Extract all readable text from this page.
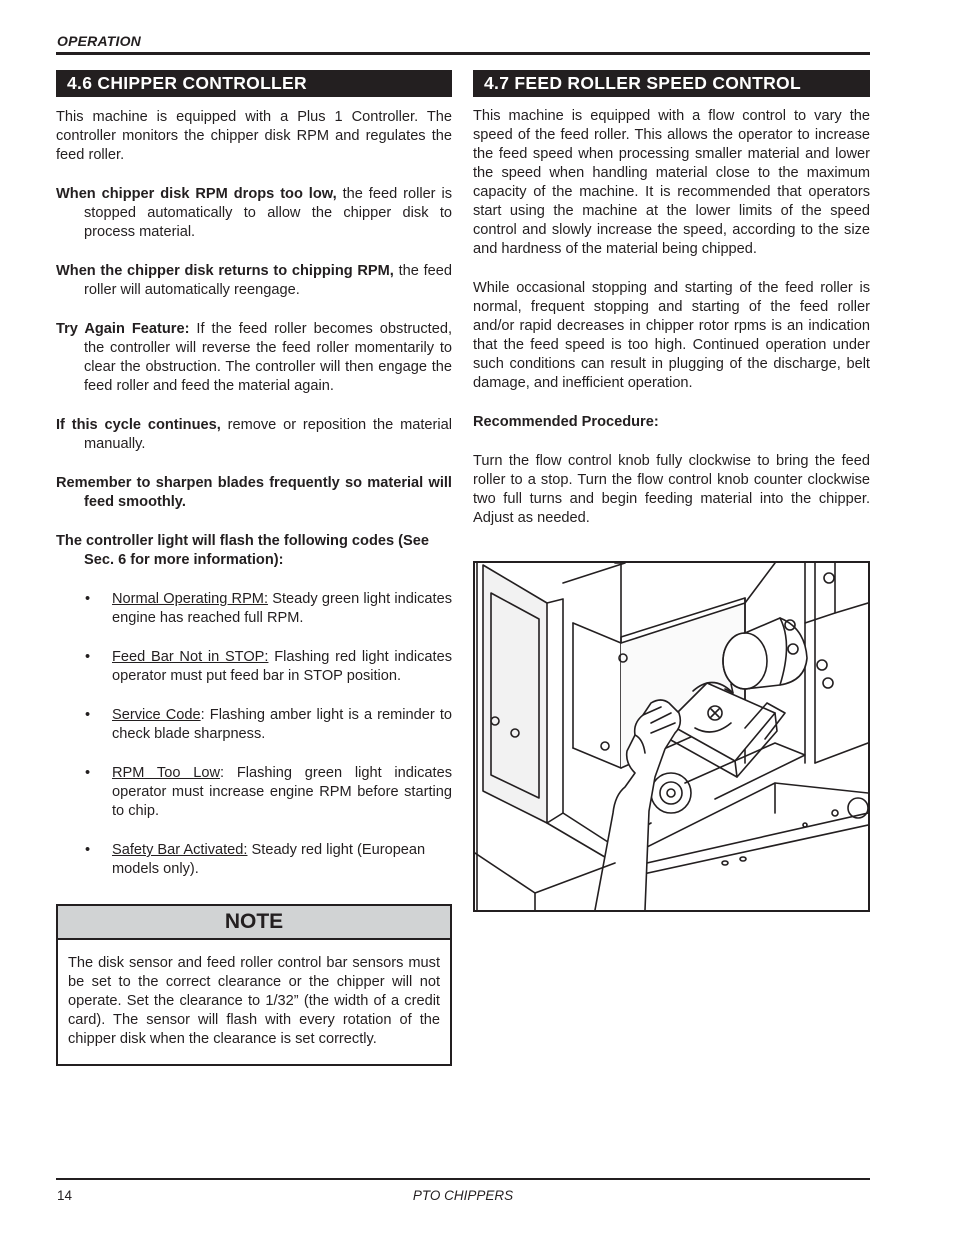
OPERATION
4.6 CHIPPER CONTROLLER

This machine is equipped with a Plus 1 Controller. The controller monitors the chipper disk RPM and regulates the feed roller.

When chipper disk RPM drops too low, the feed roller is stopped automatically to allow the chipper disk to process material.

When the chipper disk returns to chipping RPM, the feed roller will automatically reengage.

Try Again Feature: If the feed roller becomes obstructed, the controller will reverse the feed roller momentarily to clear the obstruction. The controller will then engage the feed roller and feed the material again.

If this cycle continues, remove or reposition the material manually.

Remember to sharpen blades frequently so material will feed smoothly.

The controller light will flash the following codes (See Sec. 6 for more information):

• Normal Operating RPM: Steady green light indicates engine has reached full RPM.

• Feed Bar Not in STOP: Flashing red light indicates operator must put feed bar in STOP position.

• Service Code: Flashing amber light is a reminder to check blade sharpness.

• RPM Too Low: Flashing green light indicates operator must increase engine RPM before starting to chip.

• Safety Bar Activated: Steady red light (European models only).

NOTE

The disk sensor and feed roller control bar sensors must be set to the correct clearance or the chipper will not operate. Set the clearance to 1/32” (the width of a credit card). The sensor will flash with every rotation of the chipper disk when the clearance is set correctly.

4.7 FEED ROLLER SPEED CONTROL

This machine is equipped with a flow control to vary the speed of the feed roller. This allows the operator to increase the feed speed when processing smaller material and lower the speed when handling material close to the maximum capacity of the machine. It is recommended that operators start using the machine at the lower limits of the speed control and slowly increase the speed, according to the size and hardness of the material being chipped.

While occasional stopping and starting of the feed roller is normal, frequent stopping and starting of the feed roller and/or rapid decreases in chipper rotor rpms is an indication that the feed speed is too high. Continued operation under such conditions can result in plugging of the discharge, belt damage, and inefficient operation.

Recommended Procedure:

Turn the flow control knob fully clockwise to bring the feed roller to a stop. Turn the flow control knob counter clockwise two full turns and begin feeding material into the chipper. Adjust as needed.

14	PTO CHIPPERS
